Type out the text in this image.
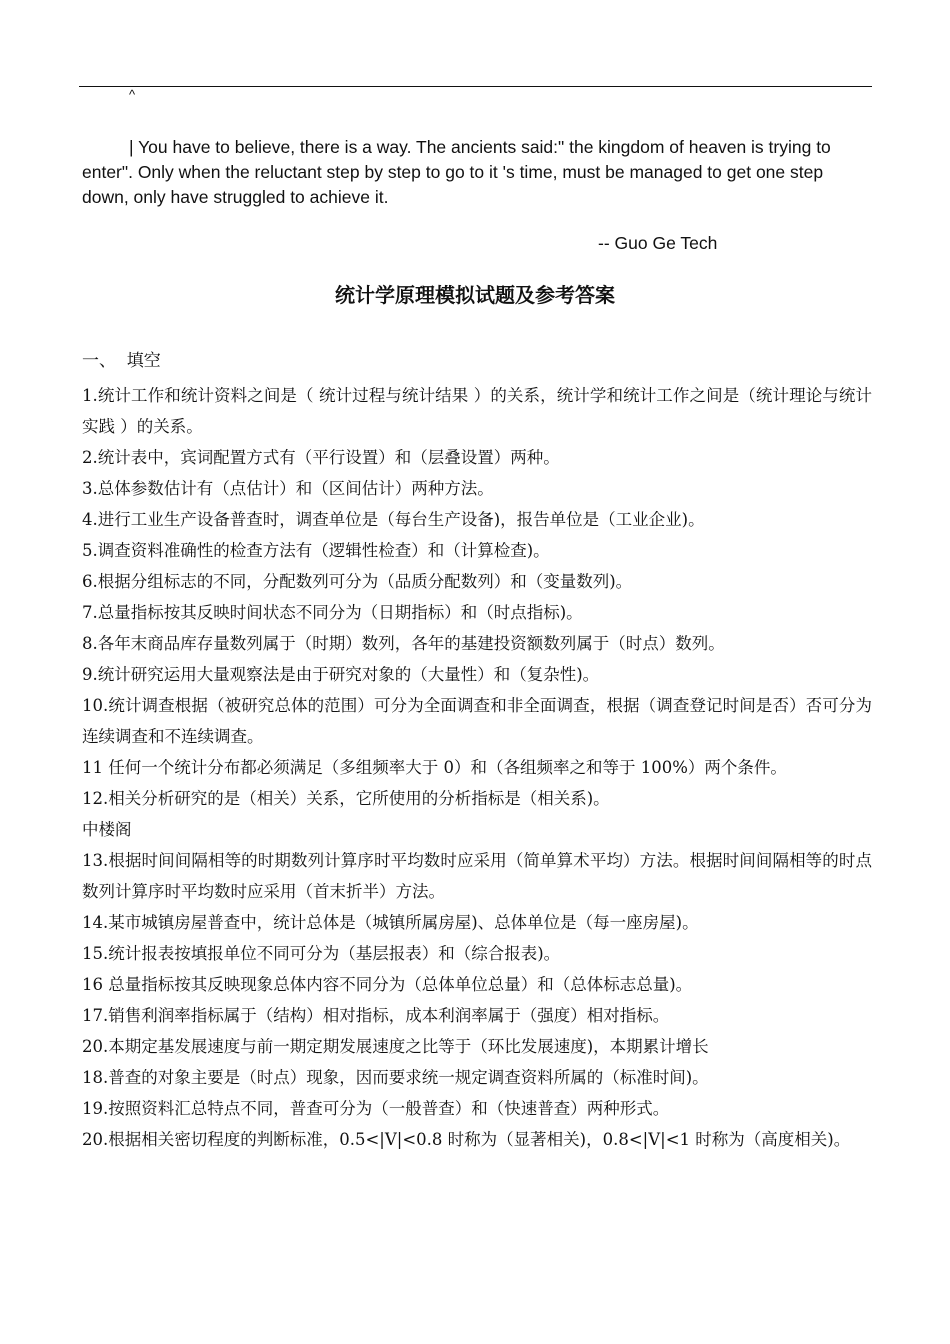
^

| You have to believe, there is a way. The ancients said:" the kingdom of heaven is trying to enter". Only when the reluctant step by step to go to it 's time, must be managed to get one step down, only have struggled to achieve it.

-- Guo Ge Tech
统计学原理模拟试题及参考答案
一、  填空
1.统计工作和统计资料之间是（ 统计过程与统计结果 ）的关系，统计学和统计工作之间是（统计理论与统计实践 ）的关系。
2.统计表中，宾词配置方式有（平行设置）和（层叠设置）两种。
3.总体参数估计有（点估计）和（区间估计）两种方法。
4.进行工业生产设备普查时，调查单位是（每台生产设备)，报告单位是（工业企业)。
5.调查资料准确性的检查方法有（逻辑性检查）和（计算检查)。
6.根据分组标志的不同，分配数列可分为（品质分配数列）和（变量数列)。
7.总量指标按其反映时间状态不同分为（日期指标）和（时点指标)。
8.各年末商品库存量数列属于（时期）数列，各年的基建投资额数列属于（时点）数列。
9.统计研究运用大量观察法是由于研究对象的（大量性）和（复杂性)。
10.统计调查根据（被研究总体的范围）可分为全面调查和非全面调查，根据（调查登记时间是否）否可分为连续调查和不连续调查。
11 任何一个统计分布都必须满足（多组频率大于 0）和（各组频率之和等于 100%）两个条件。
12.相关分析研究的是（相关）关系，它所使用的分析指标是（相关系)。
中楼阁
13.根据时间间隔相等的时期数列计算序时平均数时应采用（简单算术平均）方法。根据时间间隔相等的时点数列计算序时平均数时应采用（首末折半）方法。
14.某市城镇房屋普查中，统计总体是（城镇所属房屋)、总体单位是（每一座房屋)。
15.统计报表按填报单位不同可分为（基层报表）和（综合报表)。
16 总量指标按其反映现象总体内容不同分为（总体单位总量）和（总体标志总量)。
17.销售利润率指标属于（结构）相对指标，成本利润率属于（强度）相对指标。
20.本期定基发展速度与前一期定期发展速度之比等于（环比发展速度)，本期累计增长
18.普查的对象主要是（时点）现象，因而要求统一规定调查资料所属的（标准时间)。
19.按照资料汇总特点不同，普查可分为（一般普查）和（快速普查）两种形式。
20.根据相关密切程度的判断标准，0.5<|V|<0.8 时称为（显著相关)，0.8<|V|<1 时称为（高度相关)。
